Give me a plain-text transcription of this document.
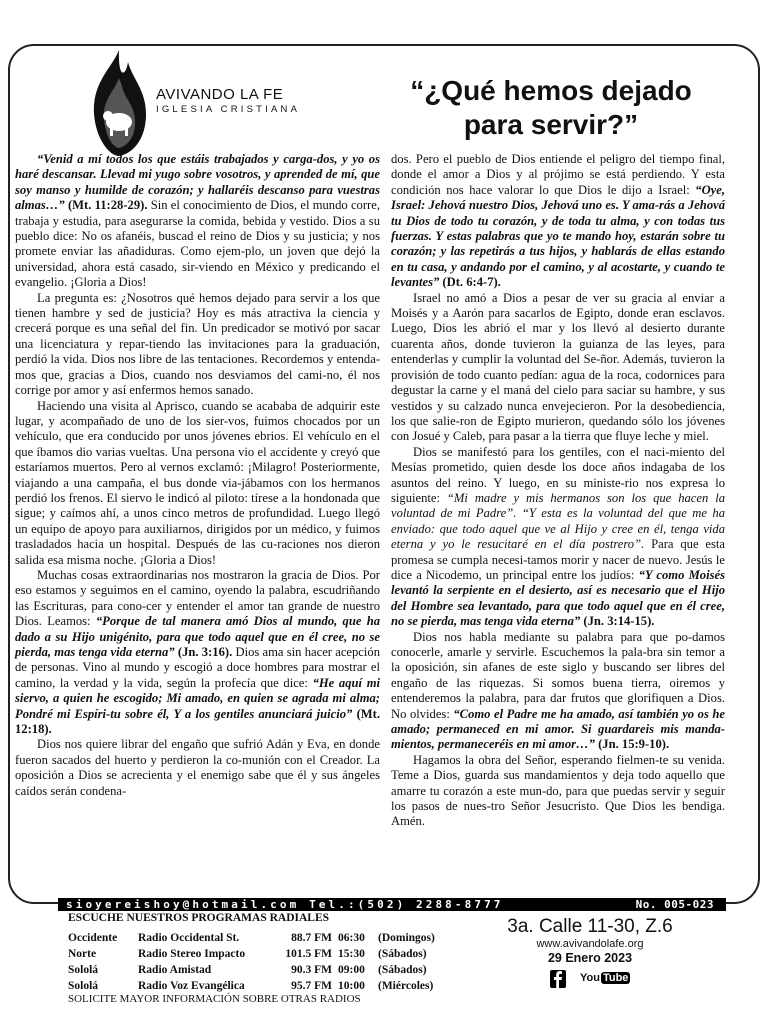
AVIVANDO LA FE
IGLESIA CRISTIANA
“¿Qué hemos dejado
para servir?”

“Venid a mí todos los que estáis trabajados y carga-dos, y yo os haré descansar. Llevad mi yugo sobre vosotros, y aprended de mí, que soy manso y humilde de corazón; y hallaréis descanso para vuestras almas…” (Mt. 11:28-29). Sin el conocimiento de Dios, el mundo corre, trabaja y estudia, para asegurarse la comida, bebida y vestido. Dios a su pueblo dice: No os afanéis, buscad el reino de Dios y su justicia; y nos promete enviar las añadiduras. Como ejem-plo, un joven que dejó la universidad, ahora está casado, sir-viendo en México y predicando el evangelio. ¡Gloria a Dios!

La pregunta es: ¿Nosotros qué hemos dejado para servir a los que tienen hambre y sed de justicia? Hoy es más atractiva la ciencia y crecerá porque es una señal del fin. Un predicador se motivó por sacar una licenciatura y repar-tiendo las invitaciones para la graduación, perdió la vida. Dios nos libre de las tentaciones. Recordemos y entenda-mos que, gracias a Dios, cuando nos desviamos del cami-no, él nos corrige por amor y así enfermos hemos sanado.

Haciendo una visita al Aprisco, cuando se acababa de adquirir este lugar, y acompañado de uno de los sier-vos, fuimos chocados por un vehículo, que era conducido por unos jóvenes ebrios. El vehículo en el que íbamos dio varias vueltas. Una persona vio el accidente y creyó que estaríamos muertos. Pero al vernos exclamó: ¡Milagro! Posteriormente, viajando a una campaña, el bus donde via-jábamos con los hermanos perdió los frenos. El siervo le indicó al piloto: tírese a la hondonada que sigue; y caímos ahí, a unos cinco metros de profundidad. Luego llegó un equipo de apoyo para auxiliarnos, dirigidos por un médico, y fuimos trasladados hacia un hospital. Después de las cu-raciones nos dieron salida esa misma noche. ¡Gloria a Dios!

Muchas cosas extraordinarias nos mostraron la gracia de Dios. Por eso estamos y seguimos en el camino, oyendo la palabra, escudriñando las Escrituras, para cono-cer y entender el amor tan grande de nuestro Dios. Leamos: “Porque de tal manera amó Dios al mundo, que ha dado a su Hijo unigénito, para que todo aquel que en él cree, no se pierda, mas tenga vida eterna” (Jn. 3:16). Dios ama sin hacer acepción de personas. Vino al mundo y escogió a doce hombres para mostrar el camino, la verdad y la vida, según la profecía que dice: “He aquí mi siervo, a quien he escogido; Mi amado, en quien se agrada mi alma; Pondré mi Espíri-tu sobre él, Y a los gentiles anunciará juicio” (Mt. 12:18).

Dios nos quiere librar del engaño que sufrió Adán y Eva, en donde fueron sacados del huerto y perdieron la co-munión con el Creador. La oposición a Dios se acrecienta y el enemigo sabe que él y sus ángeles caídos serán condena-

dos. Pero el pueblo de Dios entiende el peligro del tiempo final, donde el amor a Dios y al prójimo se está perdiendo. Y esta condición nos hace valorar lo que Dios le dijo a Israel: “Oye, Israel: Jehová nuestro Dios, Jehová uno es. Y ama-rás a Jehová tu Dios de todo tu corazón, y de toda tu alma, y con todas tus fuerzas. Y estas palabras que yo te mando hoy, estarán sobre tu corazón; y las repetirás a tus hijos, y hablarás de ellas estando en tu casa, y andando por el camino, y al acostarte, y cuando te levantes” (Dt. 6:4-7).

Israel no amó a Dios a pesar de ver su gracia al enviar a Moisés y a Aarón para sacarlos de Egipto, donde eran esclavos. Luego, Dios les abrió el mar y los llevó al desierto durante cuarenta años, donde tuvieron la guianza de las leyes, para entenderlas y cumplir la voluntad del Se-ñor. Además, tuvieron la provisión de todo cuanto pedían: agua de la roca, codornices para degustar la carne y el maná del cielo para saciar su hambre, y sus vestidos y su calzado nunca envejecieron. Por la desobediencia, los que salie-ron de Egipto murieron, quedando sólo los jóvenes con Josué y Caleb, para pasar a la tierra que fluye leche y miel.

Dios se manifestó para los gentiles, con el naci-miento del Mesías prometido, quien desde los doce años indagaba de los asuntos del reino. Y luego, en su ministe-rio nos expresa lo siguiente: “Mi madre y mis hermanos son los que hacen la voluntad de mi Padre”. “Y esta es la voluntad del que me ha enviado: que todo aquel que ve al Hijo y cree en él, tenga vida eterna y yo le resucitaré en el día postrero”. Para que esta promesa se cumpla necesi-tamos morir y nacer de nuevo. Jesús le dice a Nicodemo, un principal entre los judíos: “Y como Moisés levantó la serpiente en el desierto, así es necesario que el Hijo del Hombre sea levantado, para que todo aquel que en él cree, no se pierda, mas tenga vida eterna” (Jn. 3:14-15).

Dios nos habla mediante su palabra para que po-damos conocerle, amarle y servirle. Escuchemos la pala-bra sin temor a la oposición, sin afanes de este siglo y buscando ser libres del engaño de las riquezas. Si somos buena tierra, oiremos y entenderemos la palabra, para dar frutos que glorifiquen a Dios. No olvides: “Como el Padre me ha amado, así también yo os he amado; permaneced en mi amor. Si guardareis mis manda-mientos, permaneceréis en mi amor…” (Jn. 15:9-10).

Hagamos la obra del Señor, esperando fielmen-te su venida. Teme a Dios, guarda sus mandamientos y deja todo aquello que amarre tu corazón a este mun-do, para que puedas servir y seguir los pasos de nues-tro Señor Jesucristo. Que Dios les bendiga. Amén.

sioyereishoy@hotmail.com Tel.:(502) 2288-8777	No. 005-023
ESCUCHE NUESTROS PROGRAMAS RADIALES
Occidente	Radio Occidental St.	88.7 FM	06:30	(Domingos)
Norte	Radio Stereo Impacto	101.5 FM	15:30	(Sábados)
Sololá	Radio Amistad	90.3 FM	09:00	(Sábados)
Sololá	Radio Voz Evangélica	95.7 FM	10:00	(Miércoles)
SOLICITE MAYOR INFORMACIÓN SOBRE OTRAS RADIOS
3a. Calle 11-30, Z.6
www.avivandolafe.org
29 Enero 2023
You Tube
